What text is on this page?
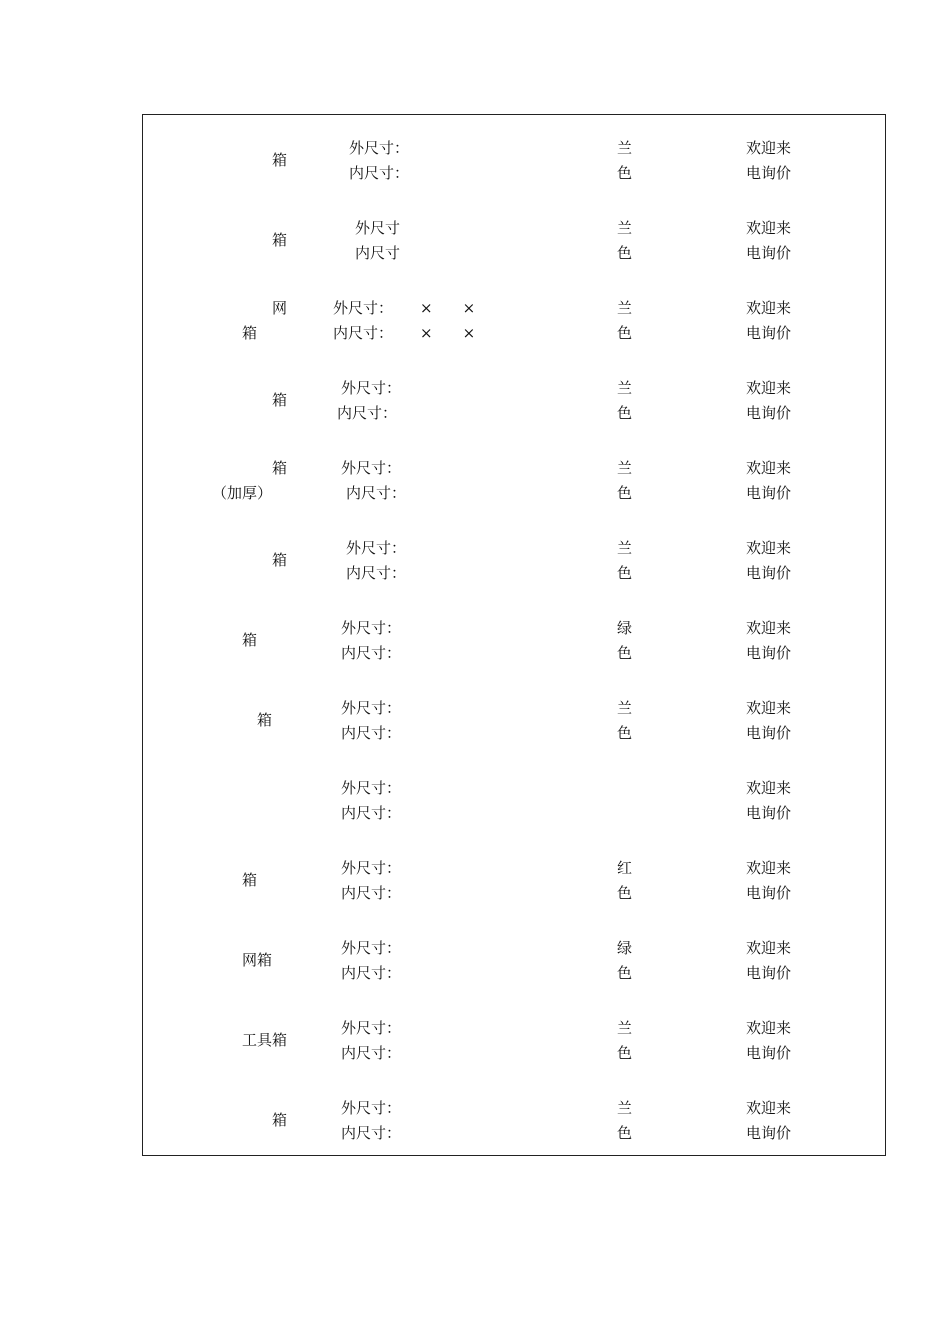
箱
外尺寸：
内尺寸：
兰
色
欢迎来
电询价
箱
外尺寸
内尺寸
兰
色
欢迎来
电询价
网
箱
外尺寸：
内尺寸：
×　　×
×　　×
兰
色
欢迎来
电询价
箱
外尺寸：
内尺寸：
兰
色
欢迎来
电询价
箱
（加厚）
外尺寸：
内尺寸：
兰
色
欢迎来
电询价
箱
外尺寸：
内尺寸：
兰
色
欢迎来
电询价
箱
外尺寸：
内尺寸：
绿
色
欢迎来
电询价
箱
外尺寸：
内尺寸：
兰
色
欢迎来
电询价
外尺寸：
内尺寸：
欢迎来
电询价
箱
外尺寸：
内尺寸：
红
色
欢迎来
电询价
网箱
外尺寸：
内尺寸：
绿
色
欢迎来
电询价
工具箱
外尺寸：
内尺寸：
兰
色
欢迎来
电询价
箱
外尺寸：
内尺寸：
兰
色
欢迎来
电询价
